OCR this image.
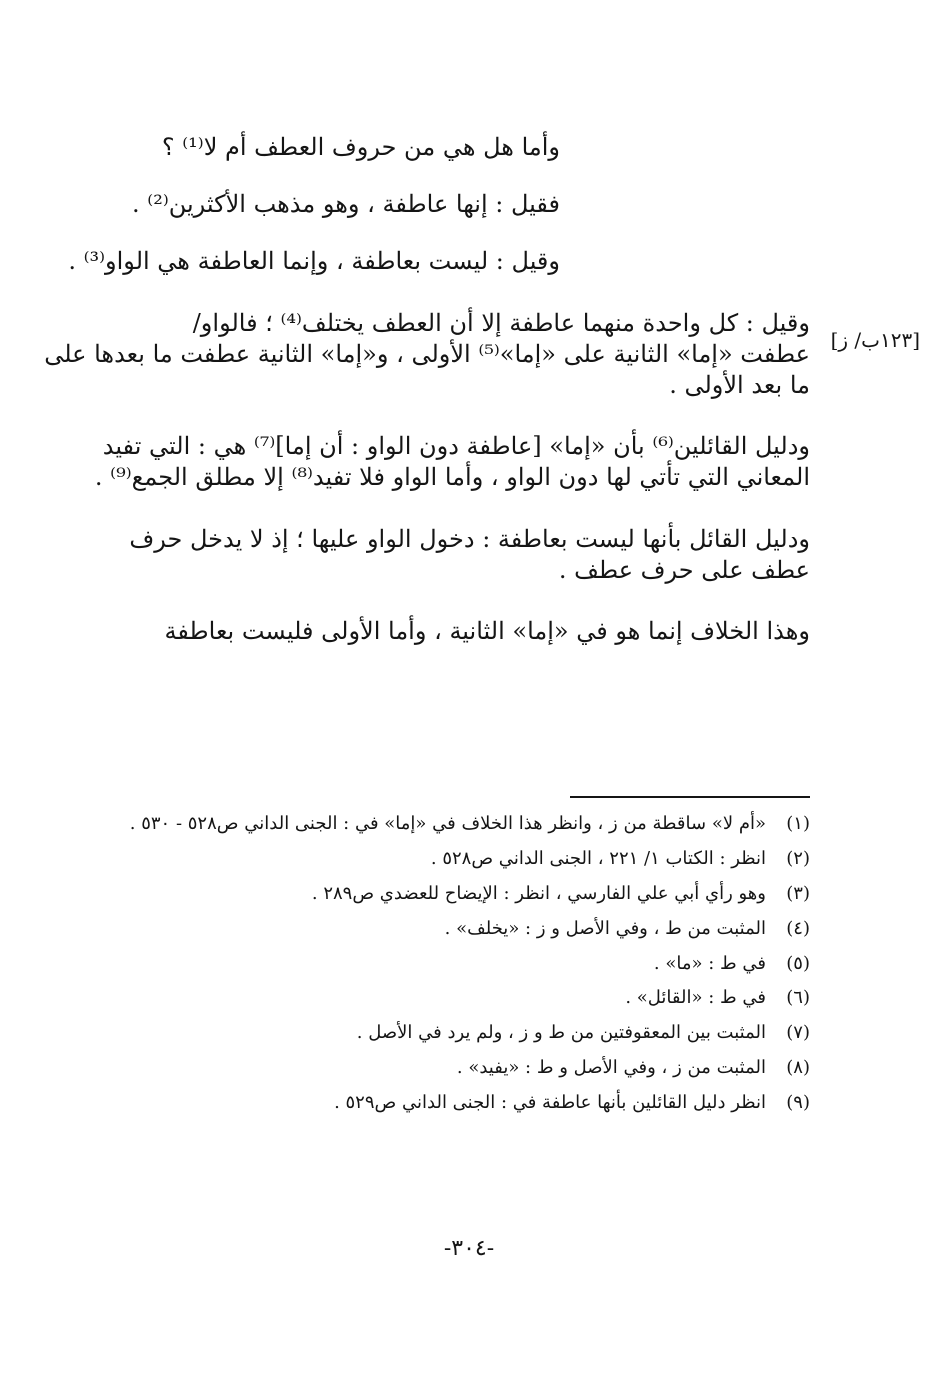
[١٢٣ب/ ز]

وأما هل هي من حروف العطف أم لا⁽¹⁾ ؟

فقيل : إنها عاطفة ، وهو مذهب الأكثرين⁽²⁾ .

وقيل : ليست بعاطفة ، وإنما العاطفة هي الواو⁽³⁾ .

وقيل : كل واحدة منهما عاطفة إلا أن العطف يختلف⁽⁴⁾ ؛ فالواو/
عطفت «إما» الثانية على «إما»⁽⁵⁾ الأولى ، و«إما» الثانية عطفت ما بعدها على
ما بعد الأولى .

ودليل القائلين⁽⁶⁾ بأن «إما» [عاطفة دون الواو : أن إما]⁽⁷⁾ هي : التي تفيد
المعاني التي تأتي لها دون الواو ، وأما الواو فلا تفيد⁽⁸⁾ إلا مطلق الجمع⁽⁹⁾ .

ودليل القائل بأنها ليست بعاطفة : دخول الواو عليها ؛ إذ لا يدخل حرف
عطف على حرف عطف .

وهذا الخلاف إنما هو في «إما» الثانية ، وأما الأولى فليست بعاطفة

(١)
«أم لا» ساقطة من ز ، وانظر هذا الخلاف في «إما» في : الجنى الداني ص٥٢٨ - ٥٣٠ .
(٢)
انظر : الكتاب ١/ ٢٢١ ، الجنى الداني ص٥٢٨ .
(٣)
وهو رأي أبي علي الفارسي ، انظر : الإيضاح للعضدي ص٢٨٩ .
(٤)
المثبت من ط ، وفي الأصل و ز : «يخلف» .
(٥)
في ط : «ما» .
(٦)
في ط : «القائل» .
(٧)
المثبت بين المعقوفتين من ط و ز ، ولم يرد في الأصل .
(٨)
المثبت من ز ، وفي الأصل و ط : «يفيد» .
(٩)
انظر دليل القائلين بأنها عاطفة في : الجنى الداني ص٥٢٩ .
-٣٠٤-
